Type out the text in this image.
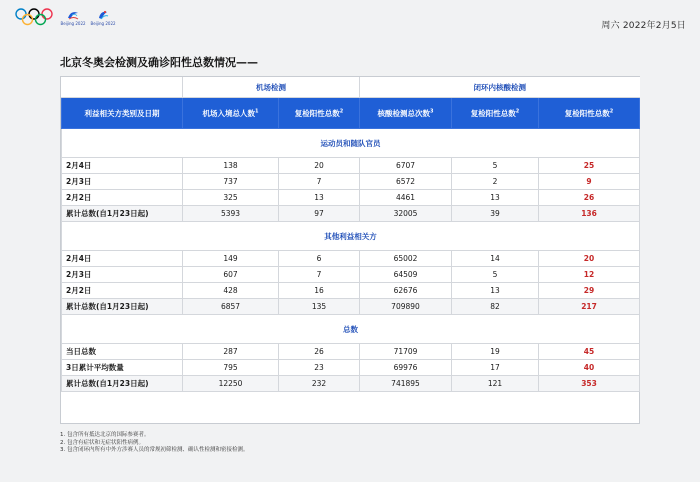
Beijing 2022 Beijing 2022	周六 2022年2月5日
北京冬奥会检测及确诊阳性总数情况——
	机场检测		闭环内核酸检测		
利益相关方类别及日期	机场入境总人数$^1$	复检阳性总数$^2$	核酸检测总次数$^3$	复检阳性总数$^2$	复检阳性总数$^2$
运动员和随队官员					
2月4日	138	20	6707	5	25
2月3日	737	7	6572	2	9
2月2日	325	13	4461	13	26
累计总数(自1月23日起)	5393	97	32005	39	136
其他利益相关方					
2月4日	149	6	65002	14	20
2月3日	607	7	64509	5	12
2月2日	428	16	62676	13	29
累计总数(自1月23日起)	6857	135	709890	82	217
总数					
当日总数	287	26	71709	19	45
3日累计平均数量	795	23	69976	17	40
累计总数(自1月23日起)	12250	232	741895	121	353
1. 包含所有抵达北京的国际参赛者。
2. 包含有症状和无症状阳性病例。
3. 包含闭环内所有中外方涉赛人员的常规初筛检测、确认性检测和密接检测。
